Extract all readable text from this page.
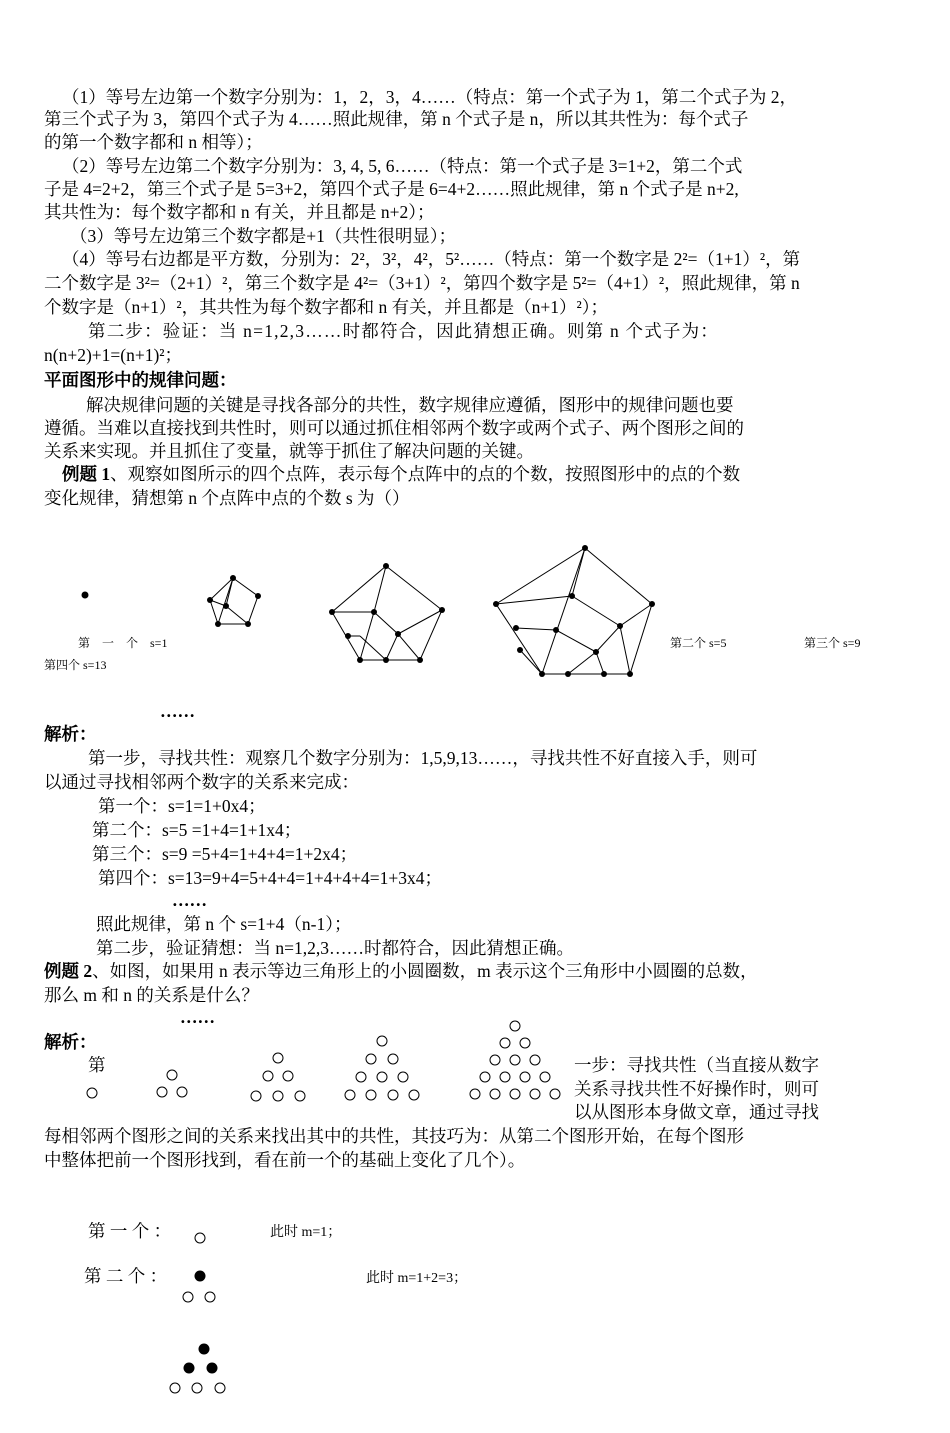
（1）等号左边第一个数字分别为：1，2，3，4……（特点：第一个式子为 1，第二个式子为 2，
第三个式子为 3，第四个式子为 4……照此规律，第 n 个式子是 n，所以其共性为：每个式子
的第一个数字都和 n 相等）；
（2）等号左边第二个数字分别为：3, 4, 5, 6……（特点：第一个式子是 3=1+2，第二个式
子是 4=2+2，第三个式子是 5=3+2，第四个式子是 6=4+2……照此规律，第 n 个式子是 n+2,
其共性为：每个数字都和 n 有关，并且都是 n+2）；
（3）等号左边第三个数字都是+1（共性很明显）；
（4）等号右边都是平方数，分别为：2²，3²，4²，5²……（特点：第一个数字是 2²=（1+1）²，第
二个数字是 3²=（2+1）²，第三个数字是 4²=（3+1）²，第四个数字是 5²=（4+1）²，照此规律，第 n
个数字是（n+1）²，其共性为每个数字都和 n 有关，并且都是（n+1）²）；
第二步：验证：当 n=1,2,3……时都符合，因此猜想正确。则第 n 个式子为：
n(n+2)+1=(n+1)²；
平面图形中的规律问题：
解决规律问题的关键是寻找各部分的共性，数字规律应遵循，图形中的规律问题也要
遵循。当难以直接找到共性时，则可以通过抓住相邻两个数字或两个式子、两个图形之间的
关系来实现。并且抓住了变量，就等于抓住了解决问题的关键。
例题 1、观察如图所示的四个点阵，表示每个点阵中的点的个数，按照图形中的点的个数
变化规律，猜想第 n 个点阵中点的个数 s 为（）
第　一　个　s=1	第二个 s=5	第三个 s=9
第四个 s=13
……
解析：
第一步，寻找共性：观察几个数字分别为：1,5,9,13……，寻找共性不好直接入手，则可
以通过寻找相邻两个数字的关系来完成：
第一个：s=1=1+0x4；
第二个：s=5 =1+4=1+1x4；
第三个：s=9 =5+4=1+4+4=1+2x4；
第四个：s=13=9+4=5+4+4=1+4+4+4=1+3x4；
……
照此规律，第 n 个 s=1+4（n-1）；
第二步，验证猜想：当 n=1,2,3……时都符合，因此猜想正确。
例题 2、如图，如果用 n 表示等边三角形上的小圆圈数，m 表示这个三角形中小圆圈的总数，
那么 m 和 n 的关系是什么？
……
解析：
第	一步：寻找共性（当直接从数字
关系寻找共性不好操作时，则可
以从图形本身做文章，通过寻找
每相邻两个图形之间的关系来找出其中的共性，其技巧为：从第二个图形开始，在每个图形
中整体把前一个图形找到，看在前一个的基础上变化了几个）。
第 一 个 ：	此时 m=1；
第 二 个 ：	此时 m=1+2=3；
